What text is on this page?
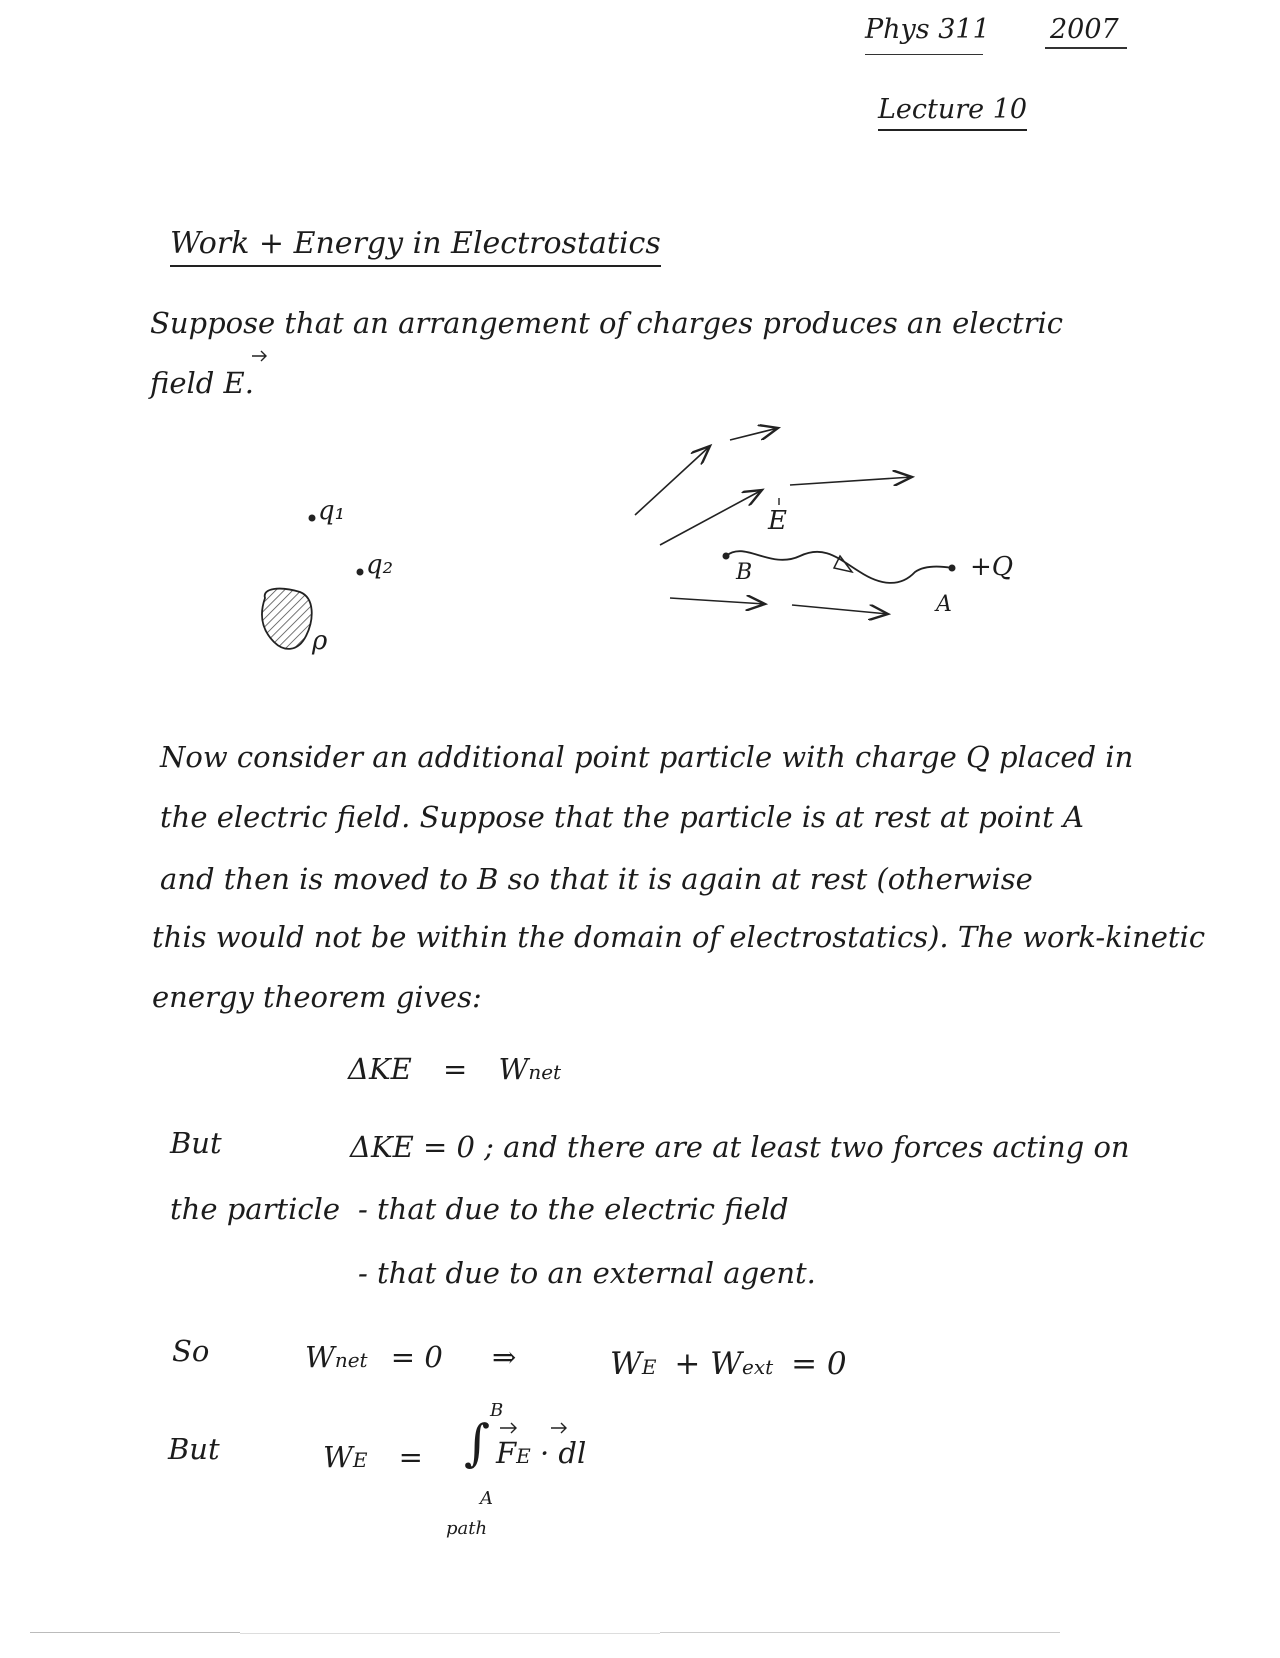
Phys 311 2007
Lecture 10
Work + Energy in Electrostatics
Suppose that an arrangement of charges produces an electric
field E.
q₁
q₂
ρ
E
B
A
+Q
Now consider an additional point particle with charge Q placed in
the electric field. Suppose that the particle is at rest at point A
and then is moved to B so that it is again at rest (otherwise
this would not be within the domain of electrostatics). The work-kinetic
energy theorem gives:
ΔKE = Wnet
But	ΔKE = 0 ; and there are at least two forces acting on
the particle - that due to the electric field
- that due to an external agent.
So	Wnet = 0 ⇒	WE + Wext = 0
But	WE =
B
∫ FE · dl
A
path
